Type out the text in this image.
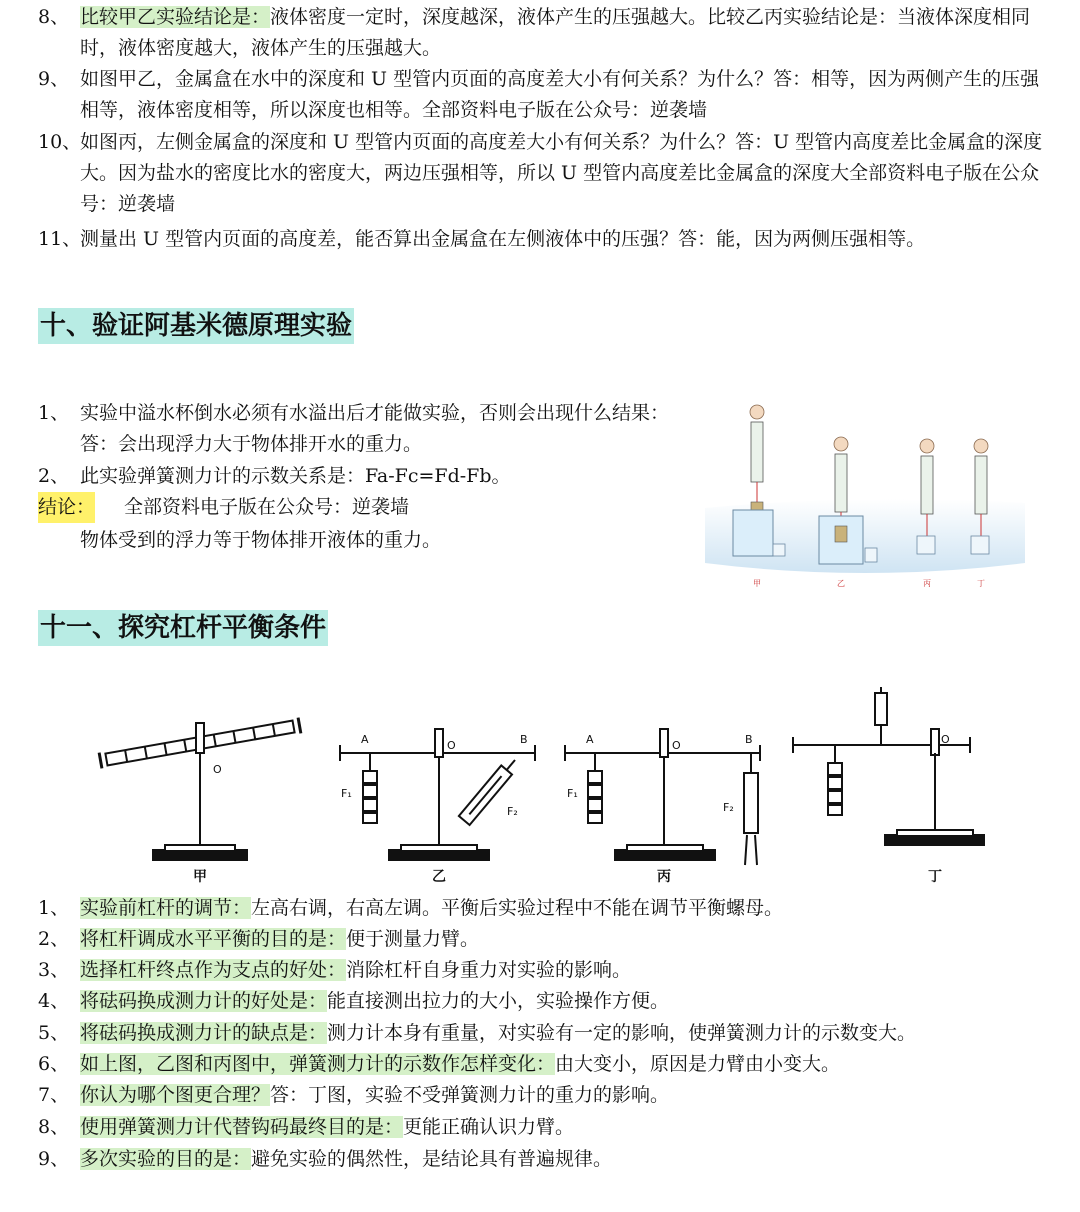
8、 比较甲乙实验结论是：液体密度一定时，深度越深，液体产生的压强越大。比较乙丙实验结论是：当液体深度相同时，液体密度越大，液体产生的压强越大。
9、 如图甲乙，金属盒在水中的深度和 U 型管内页面的高度差大小有何关系？为什么？答：相等，因为两侧产生的压强相等，液体密度相等，所以深度也相等。全部资料电子版在公众号：逆袭墙
10、
如图丙，左侧金属盒的深度和 U 型管内页面的高度差大小有何关系？为什么？答：U 型管内高度差比金属盒的深度大。因为盐水的密度比水的密度大，两边压强相等，所以 U 型管内高度差比金属盒的深度大全部资料电子版在公众号：逆袭墙
11、
测量出 U 型管内页面的高度差，能否算出金属盒在左侧液体中的压强？答：能，因为两侧压强相等。
十、验证阿基米德原理实验
1、 实验中溢水杯倒水必须有水溢出后才能做实验，否则会出现什么结果：答：会出现浮力大于物体排开水的重力。
2、 此实验弹簧测力计的示数关系是：Fa-Fc=Fd-Fb。
结论： 全部资料电子版在公众号：逆袭墙
物体受到的浮力等于物体排开液体的重力。
甲	乙	丙	丁
十一、探究杠杆平衡条件
O
A	O	B
F₁
F₂
A	O	B
F₁
F₂
O
甲	乙	丙	丁
1、 实验前杠杆的调节：左高右调，右高左调。平衡后实验过程中不能在调节平衡螺母。
2、 将杠杆调成水平平衡的目的是：便于测量力臂。
3、 选择杠杆终点作为支点的好处：消除杠杆自身重力对实验的影响。
4、 将砝码换成测力计的好处是：能直接测出拉力的大小，实验操作方便。
5、 将砝码换成测力计的缺点是：测力计本身有重量，对实验有一定的影响，使弹簧测力计的示数变大。
6、 如上图，乙图和丙图中，弹簧测力计的示数作怎样变化：由大变小，原因是力臂由小变大。
7、 你认为哪个图更合理？答：丁图，实验不受弹簧测力计的重力的影响。
8、 使用弹簧测力计代替钩码最终目的是：更能正确认识力臂。
9、 多次实验的目的是：避免实验的偶然性，是结论具有普遍规律。
